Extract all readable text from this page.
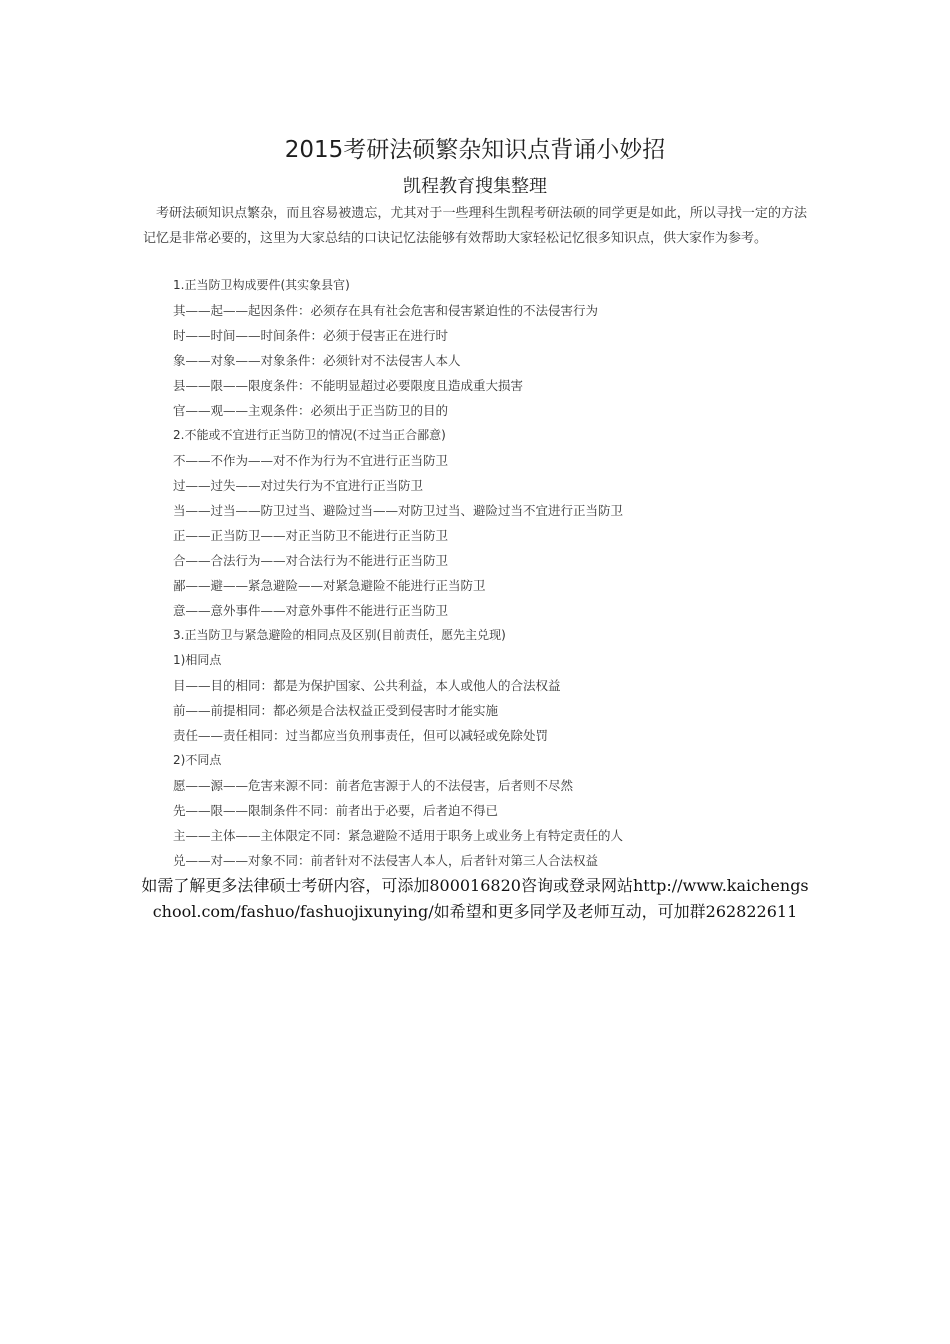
2015考研法硕繁杂知识点背诵小妙招
凯程教育搜集整理
考研法硕知识点繁杂，而且容易被遗忘，尤其对于一些理科生凯程考研法硕的同学更是如此，所以寻找一定的方法记忆是非常必要的，这里为大家总结的口诀记忆法能够有效帮助大家轻松记忆很多知识点，供大家作为参考。
1.正当防卫构成要件(其实象县官)
其——起——起因条件：必须存在具有社会危害和侵害紧迫性的不法侵害行为
时——时间——时间条件：必须于侵害正在进行时
象——对象——对象条件：必须针对不法侵害人本人
县——限——限度条件：不能明显超过必要限度且造成重大损害
官——观——主观条件：必须出于正当防卫的目的
2.不能或不宜进行正当防卫的情况(不过当正合鄙意)
不——不作为——对不作为行为不宜进行正当防卫
过——过失——对过失行为不宜进行正当防卫
当——过当——防卫过当、避险过当——对防卫过当、避险过当不宜进行正当防卫
正——正当防卫——对正当防卫不能进行正当防卫
合——合法行为——对合法行为不能进行正当防卫
鄙——避——紧急避险——对紧急避险不能进行正当防卫
意——意外事件——对意外事件不能进行正当防卫
3.正当防卫与紧急避险的相同点及区别(目前责任，愿先主兑现)
1)相同点
目——目的相同：都是为保护国家、公共利益，本人或他人的合法权益
前——前提相同：都必须是合法权益正受到侵害时才能实施
责任——责任相同：过当都应当负刑事责任，但可以减轻或免除处罚
2)不同点
愿——源——危害来源不同：前者危害源于人的不法侵害，后者则不尽然
先——限——限制条件不同：前者出于必要，后者迫不得已
主——主体——主体限定不同：紧急避险不适用于职务上或业务上有特定责任的人
兑——对——对象不同：前者针对不法侵害人本人，后者针对第三人合法权益
如需了解更多法律硕士考研内容，可添加800016820咨询或登录网站http://www.kaichengschool.com/fashuo/fashuojixunying/如希望和更多同学及老师互动，可加群262822611
